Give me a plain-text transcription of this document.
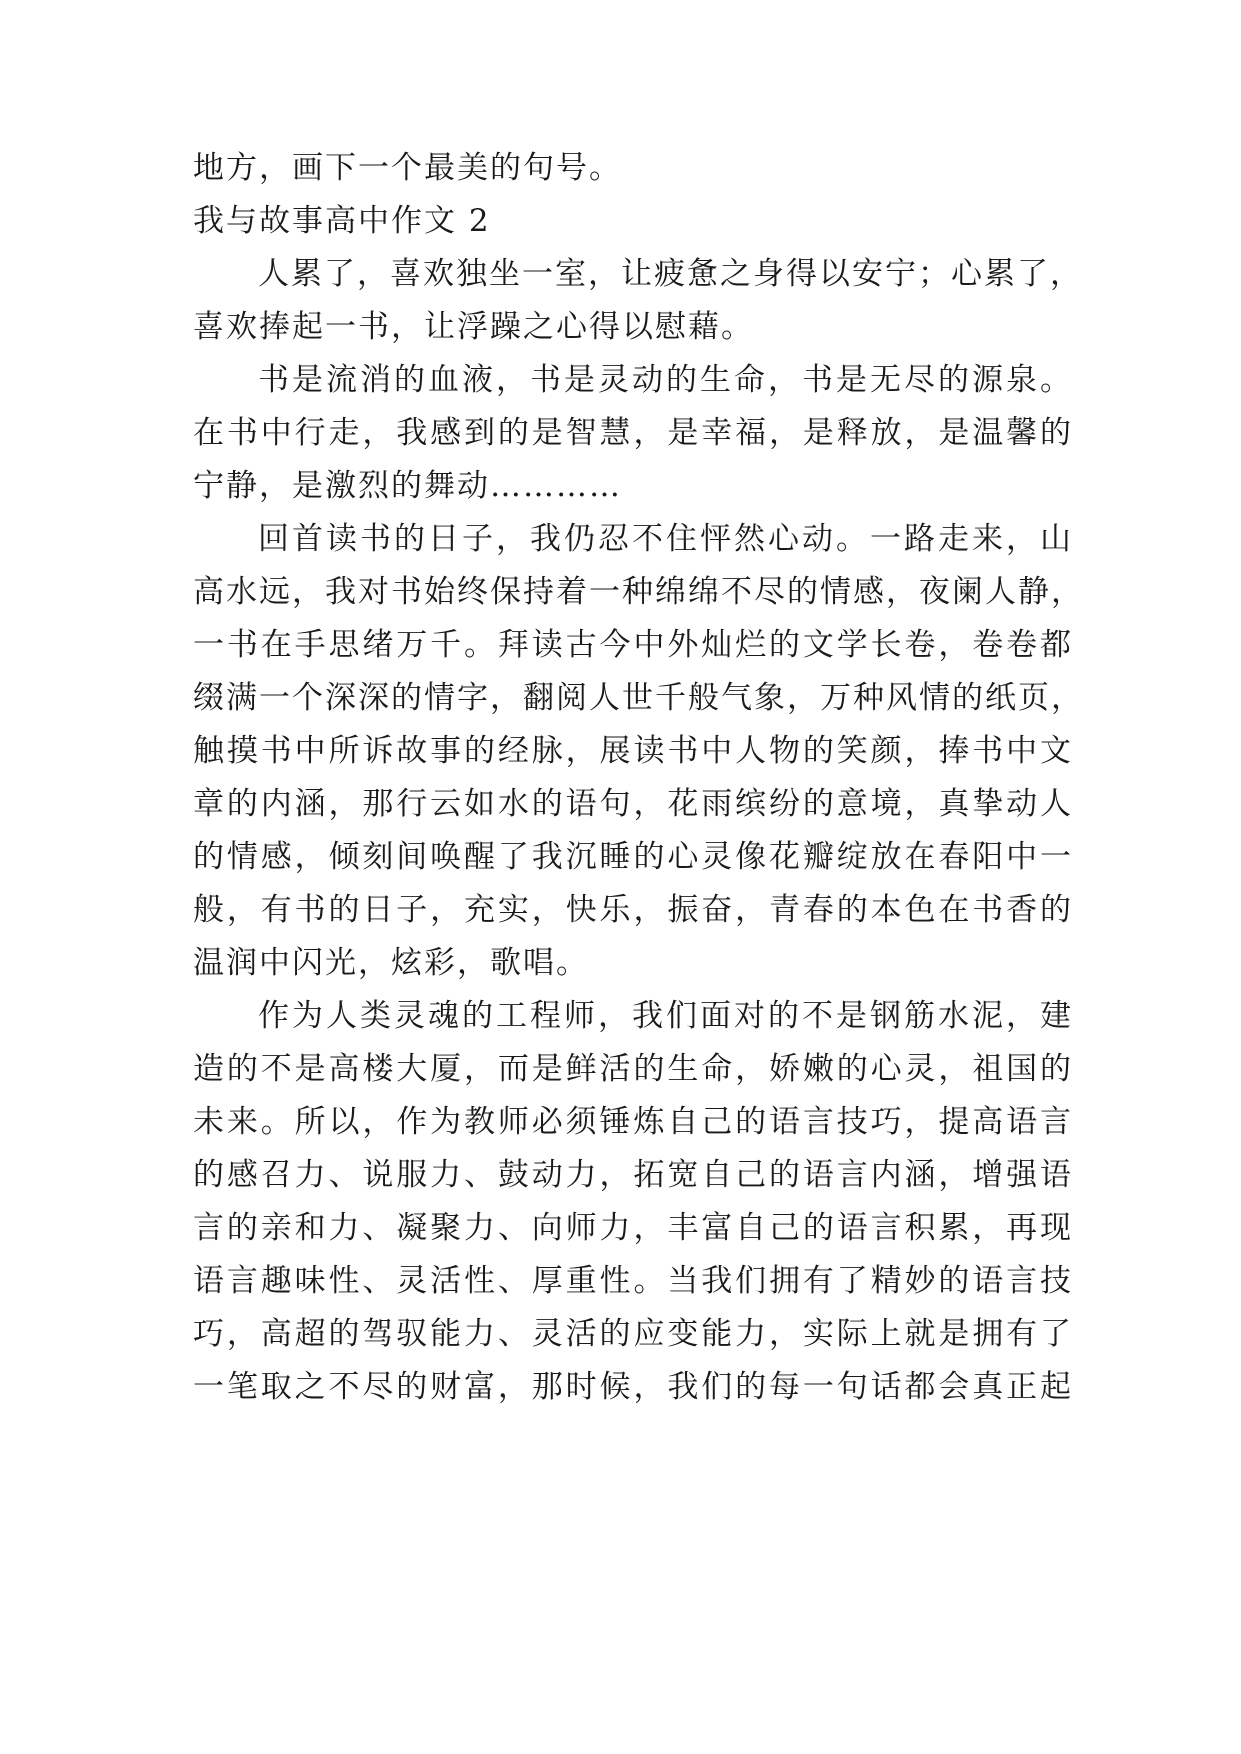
地方，画下一个最美的句号。

我与故事高中作文 2

人累了，喜欢独坐一室，让疲惫之身得以安宁；心累了，

喜欢捧起一书，让浮躁之心得以慰藉。

书是流消的血液，书是灵动的生命，书是无尽的源泉。

在书中行走，我感到的是智慧，是幸福，是释放，是温馨的

宁静，是激烈的舞动…………

回首读书的日子，我仍忍不住怦然心动。一路走来，山

高水远，我对书始终保持着一种绵绵不尽的情感，夜阑人静，

一书在手思绪万千。拜读古今中外灿烂的文学长卷，卷卷都

缀满一个深深的情字，翻阅人世千般气象，万种风情的纸页，

触摸书中所诉故事的经脉，展读书中人物的笑颜，捧书中文

章的内涵，那行云如水的语句，花雨缤纷的意境，真挚动人

的情感，倾刻间唤醒了我沉睡的心灵像花瓣绽放在春阳中一

般，有书的日子，充实，快乐，振奋，青春的本色在书香的

温润中闪光，炫彩，歌唱。

作为人类灵魂的工程师，我们面对的不是钢筋水泥，建

造的不是高楼大厦，而是鲜活的生命，娇嫩的心灵，祖国的

未来。所以，作为教师必须锤炼自己的语言技巧，提高语言

的感召力、说服力、鼓动力，拓宽自己的语言内涵，增强语

言的亲和力、凝聚力、向师力，丰富自己的语言积累，再现

语言趣味性、灵活性、厚重性。当我们拥有了精妙的语言技

巧，高超的驾驭能力、灵活的应变能力，实际上就是拥有了

一笔取之不尽的财富，那时候，我们的每一句话都会真正起
